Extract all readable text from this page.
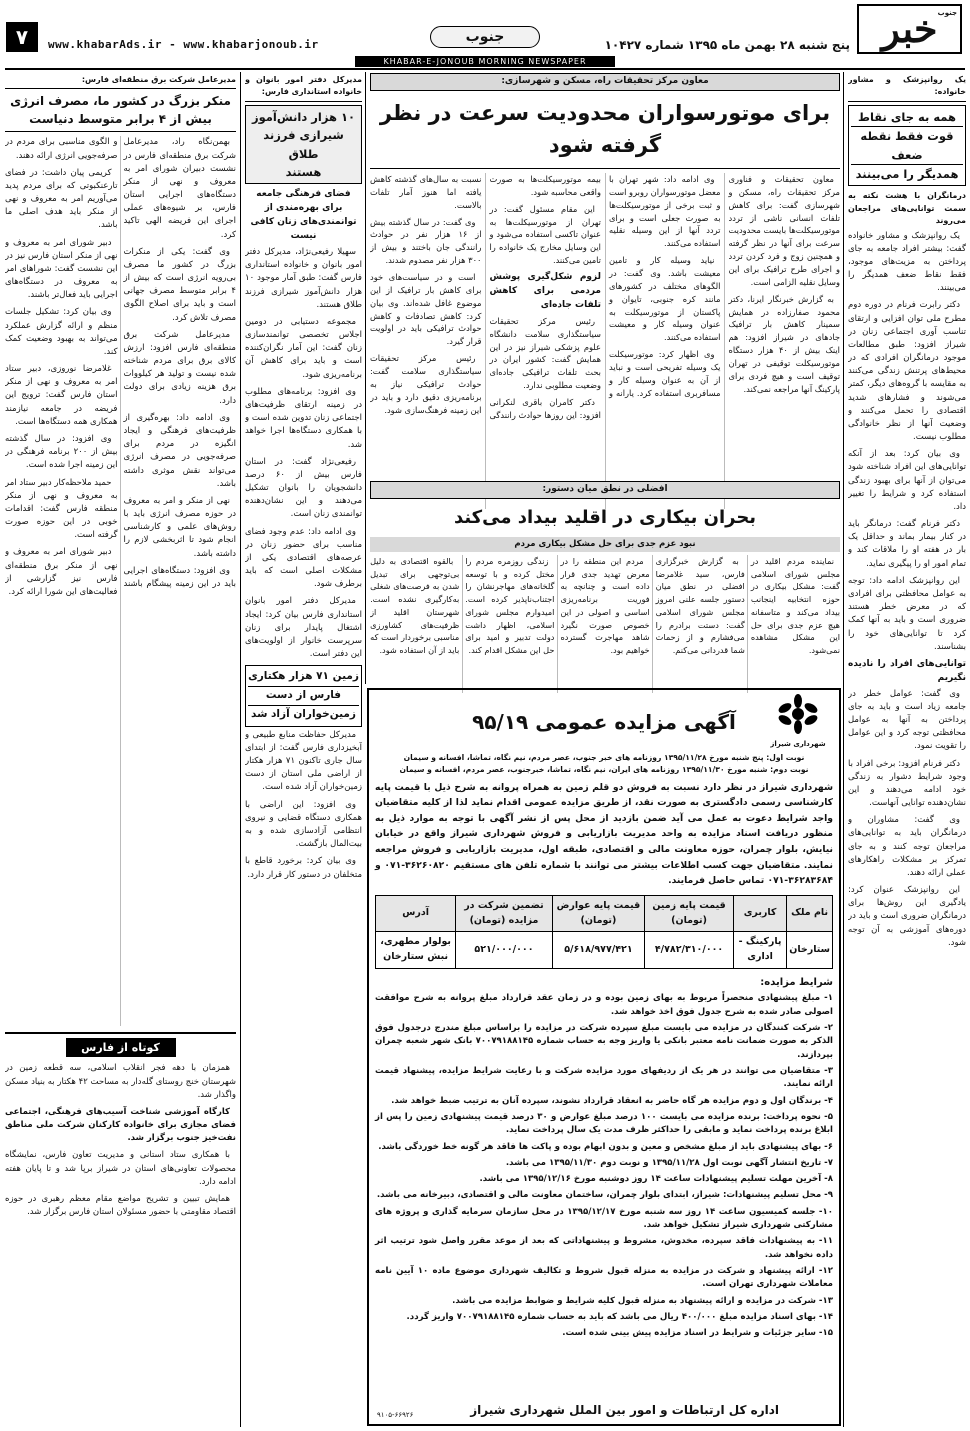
خبر جنوب
پنج شنبه ۲۸ بهمن ماه ۱۳۹۵ شماره ۱۰۴۲۷
جنوب
www.khabarAds.ir - www.khabarjonoub.ir
۷
KHABAR-E-JONOUB MORNING NEWSPAPER
یک روانپزشک و مشاور خانواده:
همه به جای نقاط
قوت فقط نقطه ضعف
همدیگر را می‌بینند
درمانگران با هشت نکته به سمت توانایی‌های مراجعان می‌روند

یک روانپزشک و مشاور خانواده گفت: بیشتر افراد جامعه به جای پرداختن به مزیت‌های موجود، فقط نقاط ضعف همدیگر را می‌بینند.

دکتر رابرت فرنام در دوره دوم مطرح ملی توان افزایی و ارتقای تناسب آوری اجتماعی زنان در شیراز افزود: طبق مطالعات موجود درمانگران افرادی که در محیط‌های پرتنش زندگی می‌کنند به مقایسه با گروه‌های دیگر، کمتر می‌شوند و فشارهای شدید اقتصادی را تحمل می‌کنند و وضعیت آنها از نظر خانوادگی مطلوب نیست.

وی بیان کرد: بعد از آنکه توانایی‌های این افراد شناخته شود می‌توان از آنها برای بهبود زندگی استفاده کرد و شرایط را تغییر داد.

دکتر فرنام گفت: درمانگر باید در کنار بیمار بماند و حداقل یک بار در هفته او را ملاقات کند و تمام امور او را پیگیری نماید.

این روانپزشک ادامه داد: توجه به عوامل محافظتی برای افرادی که در معرض خطر هستند ضروری است و باید به آنها کمک کرد تا توانایی‌های خود را بشناسند.

توانایی‌های افراد را نادیده نگیریم

وی گفت: عوامل خطر در جامعه زیاد است و باید به جای پرداختن به آنها به عوامل محافظتی توجه کرد و این عوامل را تقویت نمود.

دکتر فرنام افزود: برخی افراد با وجود شرایط دشوار به زندگی خود ادامه می‌دهند و این نشان‌دهنده توانایی آنهاست.

وی گفت: مشاوران و درمانگران باید به توانایی‌های مراجعان توجه کنند و به جای تمرکز بر مشکلات راهکارهای عملی ارائه دهند.

این روانپزشک عنوان کرد: یادگیری این روش‌ها برای درمانگران ضروری است و باید در دوره‌های آموزشی به آن توجه شود.

معاون مرکز تحقیقات راه، مسکن و شهرسازی:
برای موتورسواران محدودیت سرعت در نظر گرفته شود

معاون تحقیقات و فناوری مرکز تحقیقات راه، مسکن و شهرسازی گفت: برای کاهش تلفات انسانی ناشی از تردد موتورسیکلت‌ها بایست محدودیت سرعت برای آنها در نظر گرفته و همچنین زوج و فرد کردن تردد و اجرای طرح ترافیک برای این وسایل نقلیه الزامی است.

به گزارش خبرنگار ایرنا، دکتر محمود صفارزاده در همایش سمینار کاهش بار ترافیک جادهای در شیراز افزود: هم اینک بیش از ۴۰ هزار دستگاه موتورسیکلت توقیفی در تهران توقیف است و هیچ فردی برای پارکینگ آنها مراجعه نمی‌کند.

وی ادامه داد: شهر تهران با معضل موتورسواران روبرو است و ثبت برخی از موتورسیکلت‌ها به صورت جعلی است و برای تردد آنها از این وسیله نقلیه استفاده می‌کنند.

نیاید وسیله کار و تامین معیشت باشد. وی گفت: در الگوهای مختلف در کشورهای مانند کره جنوبی، تایوان و پاکستان از موتورسیکلت به عنوان وسیله کار و معیشت استفاده می‌کنند.

وی اظهار کرد: موتورسیکلت یک وسیله تفریحی است و نباید از آن به عنوان وسیله کار و مسافربری استفاده کرد. یارانه و بیمه موتورسیکلت‌ها به صورت واقعی محاسبه شود.

این مقام مسئول گفت: در تهران از موتورسیکلت‌ها به عنوان تاکسی استفاده می‌شود و این وسایل مخارج یک خانواده را تامین می‌کنند.

لزوم شکل‌گیری پوشش مردمی برای کاهش تلفات جاده‌ای

رئیس مرکز تحقیقات سیاستگذاری سلامت دانشگاه علوم پزشکی شیراز نیز در این همایش گفت: کشور ایران در بحث تلفات ترافیکی جاده‌ای وضعیت مطلوبی ندارد.

دکتر کامران باقری لنکرانی افزود: این روزها حوادث رانندگی نسبت به سال‌های گذشته کاهش یافته اما هنوز آمار تلفات بالاست.

وی گفت: در سال گذشته بیش از ۱۶ هزار نفر در حوادث رانندگی جان باختند و بیش از ۳۰۰ هزار نفر مصدوم شدند.

است و در سیاست‌های خود برای کاهش بار ترافیک از این موضوع غافل شده‌اند. وی بیان کرد: کاهش تصادفات و کاهش حوادث ترافیکی باید در اولویت قرار گیرد.

رئیس مرکز تحقیقات سیاستگذاری سلامت گفت: حوادث ترافیکی نیاز به برنامه‌ریزی دقیق دارد و باید در این زمینه فرهنگ‌سازی شود.

افضلی در نطق میان دستور:
بحران بیکاری در اقلید بیداد می‌کند
نبود عزم جدی برای حل مشکل بیکاری مردم

نماینده مردم اقلید در مجلس شورای اسلامی گفت: مشکل بیکاری در حوزه انتخابیه اینجانب بیداد می‌کند و متاسفانه هیچ عزم جدی برای حل این مشکل مشاهده نمی‌شود.

به گزارش خبرگزاری فارس، سید غلامرضا افضلی در نطق میان دستور جلسه علنی امروز مجلس شورای اسلامی گفت: دستت برادرم را می‌فشارم و از زحمات شما قدردانی می‌کنم.

مردم این منطقه را در معرض تهدید جدی قرار داده است و چنانچه به فوریت برنامه‌ریزی اساسی و اصولی در این خصوص صورت نگیرد شاهد مهاجرت گسترده خواهیم بود.

زندگی روزمره مردم را مختل کرده و با توسعه گلخانه‌های مهاجرنشان را اجتناب‌ناپذیر کرده است. امیدوارم مجلس شورای اسلامی، اظهار داشت دولت تدبیر و امید برای حل این مشکل اقدام کند.

بالقوه اقتصادی به دلیل بی‌توجهی برای تبدیل شدن به فرصت‌های شغلی به‌کارگیری نشده است. شهرستان اقلید از ظرفیت‌های کشاورزی مناسبی برخوردار است که باید از آن استفاده شود.

شهرداری شیراز
آگهی مزایده عمومی ۹۵/۱۹
نوبت اول: پنج شنبه مورخ ۱۳۹۵/۱۱/۲۸ روزنامه های خبر جنوب، عصر مردم، نیم نگاه، تماشا، افسانه و سیمان
نوبت دوم: شنبه مورخ ۱۳۹۵/۱۱/۳۰ روزنامه های ایران، نیم نگاه، تماشا، خبرجنوب، عصر مردم، افسانه و سیمان
شهرداری شیراز در نظر دارد نسبت به فروش دو قلم زمین به همراه پروانه به شرح ذیل با قیمت پایه کارشناسی رسمی دادگستری به صورت نقد، از طریق مزایده عمومی اقدام نماید لذا از کلیه متقاضیان واجد شرایط دعوت به عمل می آید ضمن بازدید از محل پس از نشر آگهی با توجه به موارد ذیل به منظور دریافت اسناد مزایده به واحد مدیریت بازاریابی و فروش شهرداری شیراز واقع در خیابان نیایش، بلوار چمران، حوزه معاونت مالی و اقتصادی، طبقه اول، مدیریت بازاریابی و فروش مراجعه نمایند. متقاضیان جهت کسب اطلاعات بیشتر می توانند با شماره تلفن های مستقیم ۳۶۲۶۰۸۲۰-۰۷۱ و ۳۶۲۸۳۶۸۴-۰۷۱ تماس حاصل فرمایند.
نام ملک	کاربری	قیمت پایه زمین (تومان)	قیمت پایه عوارض (تومان)	تضمین شرکت در مزایده (تومان)	آدرس
ستارخان	پارکینگ - اداری	۴/۷۸۲/۳۱۰/۰۰۰	۵/۶۱۸/۹۷۷/۴۲۱	۵۲۱/۰۰۰/۰۰۰	بولوار مطهری، نبش ستارخان
شرایط مزایده:
۱- مبلغ پیشنهادی منحصراً مربوط به بهای زمین بوده و در زمان عقد قرارداد مبلغ پروانه به شرح موافقت اصولی صادر شده به شرح جدول فوق اخذ خواهد شد.
۲- شرکت کنندگان در مزایده می بایست مبلغ سپرده شرکت در مزایده را براساس مبلغ مندرج درجدول فوق الذکر به صورت ضمانت نامه معتبر بانکی یا واریز وجه به حساب شماره ۷۰۰۷۹۱۸۸۱۴۵ بانک شهر شعبه چمران بپردازند.
۳- متقاضیان می توانند در هر یک از ردیفهای مورد مزایده شرکت و با رعایت شرایط مزایده، پیشنهاد قیمت ارائه نمایند.
۴- برندگان اول و دوم مزایده هر گاه حاضر به انعقاد قرارداد نشوند، سپرده آنان به ترتیب ضبط خواهد شد.
۵- نحوه پرداخت: برنده مزایده می بایست ۱۰۰ درصد مبلغ عوارض و ۳۰ درصد قیمت پیشنهادی زمین را پس از ابلاغ برنده پرداخت نماید و مابقی را حداکثر ظرف مدت یک سال پرداخت نماید.
۶- بهای پیشنهادی باید از مبلغ مشخص و معین و بدون ابهام بوده و پاکت ها فاقد هر گونه خط خوردگی باشد.
۷- تاریخ انتشار آگهی نوبت اول ۱۳۹۵/۱۱/۲۸ و نوبت دوم ۱۳۹۵/۱۱/۳۰ می باشد.
۸- آخرین مهلت تسلیم پیشنهادات ساعت ۱۴ روز دوشنبه مورخ ۱۳۹۵/۱۲/۱۶ می باشد.
۹- محل تسلیم پیشنهادات: شیراز، ابتدای بلوار چمران، ساختمان معاونت مالی و اقتصادی، دبیرخانه می باشد.
۱۰- جلسه کمیسیون ساعت ۱۴ روز سه شنبه مورخ ۱۳۹۵/۱۲/۱۷ در محل سازمان سرمایه گذاری و پروژه های مشارکتی شهرداری شیراز تشکیل خواهد شد.
۱۱- به پیشنهادات فاقد سپرده، مخدوش، مشروط و پیشنهاداتی که بعد از موعد مقرر واصل شود ترتیب اثر داده نخواهد شد.
۱۲- ارائه پیشنهاد و شرکت در مزایده به منزله قبول شروط و تکالیف شهرداری موضوع ماده ۱۰ آیین نامه معاملات شهرداری تهران است.
۱۳- شرکت در مزایده و ارائه پیشنهاد به منزله قبول کلیه شرایط و ضوابط مزایده می باشد.
۱۴- بهای اسناد مزایده مبلغ ۴۰۰/۰۰۰ ریال می باشد که باید به حساب شماره ۷۰۰۷۹۱۸۸۱۴۵ واریز گردد.
۱۵- سایر جزئیات و شرایط در اسناد مزایده پیش بینی شده است.
اداره کل ارتباطات و امور بین الملل شهرداری شیراز
۹۱۰۵-۶۶۹۲۶
مدیرکل دفتر امور بانوان و خانواده استانداری فارس:
۱۰ هزار دانش‌آموز
شیرازی فرزند طلاق
هستند
فضای فرهنگی جامعه برای بهره‌مندی از توانمندی‌های زنان کافی نیست

سهیلا رفیعی‌نژاد، مدیرکل دفتر امور بانوان و خانواده استانداری فارس گفت: طبق آمار موجود ۱۰ هزار دانش‌آموز شیرازی فرزند طلاق هستند.

مجموعه دستیابی در دومین اجلاس تخصصی توانمندسازی زنان گفت: این آمار نگران‌کننده است و باید برای کاهش آن برنامه‌ریزی شود.

وی افزود: برنامه‌های مطلوب در زمینه ارتقای ظرفیت‌های اجتماعی زنان تدوین شده است و با همکاری دستگاه‌ها اجرا خواهد شد.

رفیعی‌نژاد گفت: در استان فارس بیش از ۶۰ درصد دانشجویان را بانوان تشکیل می‌دهند و این نشان‌دهنده توانمندی زنان است.

وی ادامه داد: عدم وجود فضای مناسب برای حضور زنان در عرصه‌های اقتصادی یکی از مشکلات اصلی است که باید برطرف شود.

مدیرکل دفتر امور بانوان استانداری فارس بیان کرد: ایجاد اشتغال پایدار برای زنان سرپرست خانوار از اولویت‌های این دفتر است.

زمین ۷۱ هزار هکتاری
فارس از دست
زمین‌خواران آزاد شد

مدیرکل حفاظت منابع طبیعی و آبخیزداری فارس گفت: از ابتدای سال جاری تاکنون ۷۱ هزار هکتار از اراضی ملی استان از دست زمین‌خواران آزاد شده است.

وی افزود: این اراضی با همکاری دستگاه قضایی و نیروی انتظامی آزادسازی شده و به بیت‌المال بازگشت.

وی بیان کرد: برخورد قاطع با متخلفان در دستور کار قرار دارد.

مدیرعامل شرکت برق منطقه‌ای فارس:
منکر بزرگ در کشور ما، مصرف انرژی
بیش از ۴ برابر متوسط دنیاست

بهمن‌نگاه راد، مدیرعامل شرکت برق منطقه‌ای فارس در نشست دبیران شورای امر به معروف و نهی از منکر دستگاه‌های اجرایی استان فارس، بر شیوه‌های عملی اجرای این فریضه الهی تاکید کرد.

وی گفت: یکی از منکرات بزرگ در کشور ما مصرف بی‌رویه انرژی است که بیش از ۴ برابر متوسط مصرف جهانی است و باید برای اصلاح الگوی مصرف تلاش کرد.

مدیرعامل شرکت برق منطقه‌ای فارس افزود: ارزش کالای برق برای مردم شناخته شده نیست و تولید هر کیلووات برق هزینه زیادی برای دولت دارد.

وی ادامه داد: بهره‌گیری از ظرفیت‌های فرهنگی و ایجاد انگیزه در مردم برای صرفه‌جویی در مصرف انرژی می‌تواند نقش موثری داشته باشد.

نهی از منکر و امر به معروف در حوزه مصرف انرژی باید با روش‌های علمی و کارشناسی انجام شود تا اثربخشی لازم را داشته باشد.

وی افزود: دستگاه‌های اجرایی باید در این زمینه پیشگام باشند و الگوی مناسبی برای مردم در صرفه‌جویی انرژی ارائه دهند.

کریمی پیان داشت: در فضای تارعنکبوتی که برای مردم پدید می‌آوریم امر به معروف و نهی از منکر باید هدف اصلی ما باشد.

دبیر شورای امر به معروف و نهی از منکر استان فارس نیز در این نشست گفت: شوراهای امر به معروف در دستگاه‌های اجرایی باید فعال‌تر باشند.

وی بیان کرد: تشکیل جلسات منظم و ارائه گزارش عملکرد می‌تواند به بهبود وضعیت کمک کند.

غلامرضا نوروزی، دبیر ستاد امر به معروف و نهی از منکر استان فارس گفت: ترویج این فریضه در جامعه نیازمند همکاری همه دستگاه‌ها است.

وی افزود: در سال گذشته بیش از ۲۰۰ برنامه فرهنگی در این زمینه اجرا شده است.

حمید ملاحظه‌کار دبیر ستاد امر به معروف و نهی از منکر منطقه فارس گفت: اقدامات خوبی در این حوزه صورت گرفته است.

دبیر شورای امر به معروف و نهی از منکر برق منطقه‌ای فارس نیز گزارشی از فعالیت‌های این شورا ارائه کرد.

کوتاه از فارس

همزمان با دهه فجر انقلاب اسلامی، سه قطعه زمین در شهرستان خنج روستای گله‌دار به مساحت ۴۲ هکتار به بنیاد مسکن واگذار شد.

کارگاه آموزشی شناخت آسیب‌های فرهنگی، اجتماعی فضای مجازی برای خانواده کارکنان شرکت ملی مناطق نفت‌خیز جنوب برگزار شد.

با همکاری ستاد استانی و مدیریت تعاون فارس، نمایشگاه محصولات تعاونی‌های استان در شیراز برپا شد و تا پایان هفته ادامه دارد.

همایش تبیین و تشریح مواضع مقام معظم رهبری در حوزه اقتصاد مقاومتی با حضور مسئولان استان فارس برگزار شد.
